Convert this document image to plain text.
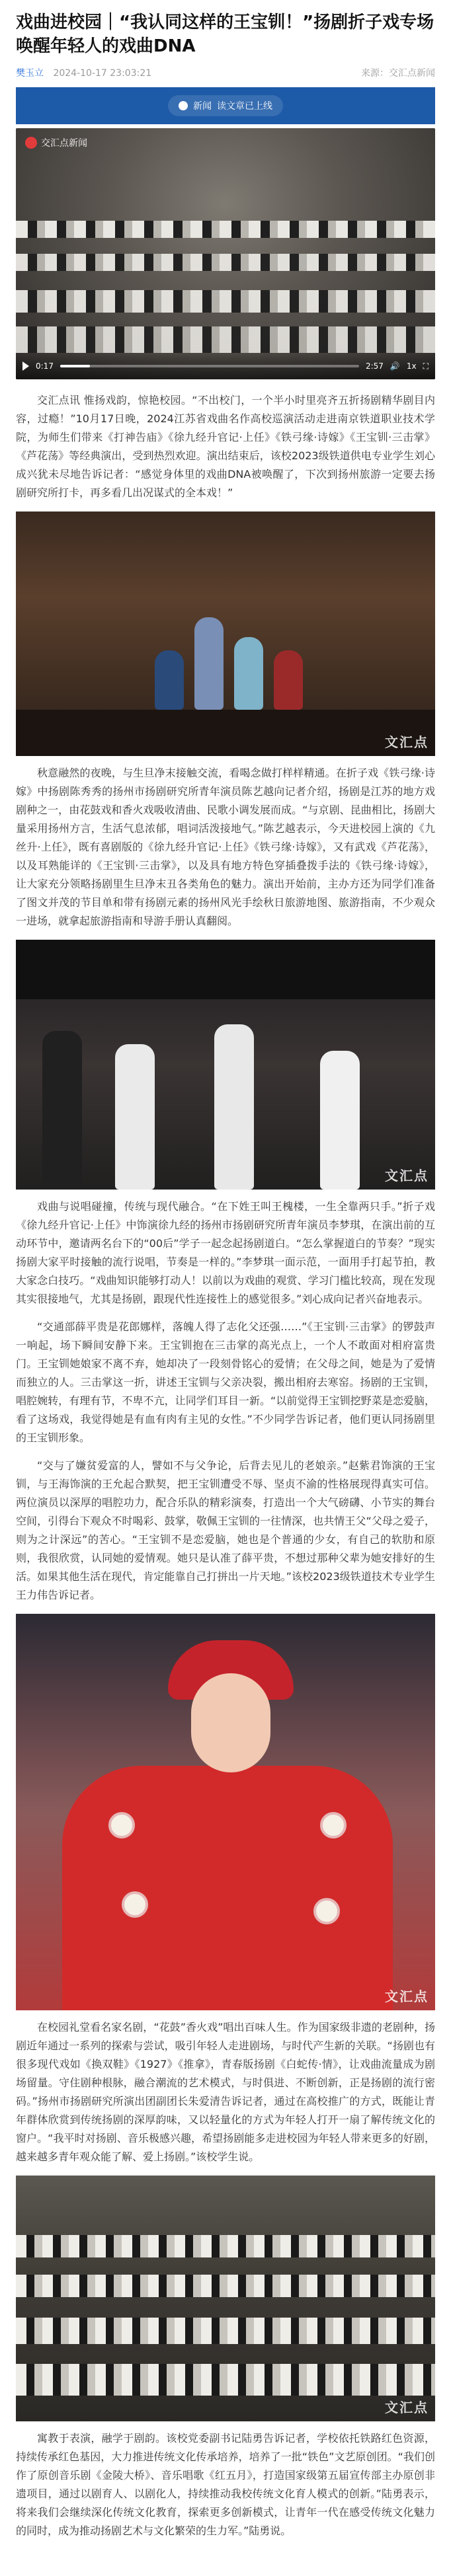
戏曲进校园｜“我认同这样的王宝钏！”扬剧折子戏专场唤醒年轻人的戏曲DNA
樊玉立 2024-10-17 23:03:21	来源：交汇点新闻
新闻 读文章已上线
交汇点新闻
0:17	2:57 🔊 1x ⛶

交汇点讯 惟扬戏韵，惊艳校园。“不出校门，一个半小时里亮齐五折扬剧精华剧目内容，过瘾！”10月17日晚，2024江苏省戏曲名作高校巡演活动走进南京铁道职业技术学院，为师生们带来《打神告庙》《徐九经升官记·上任》《铁弓缘·诗嫁》《王宝钏·三击掌》《芦花荡》等经典演出，受到热烈欢迎。演出结束后，该校2023级铁道供电专业学生刘心成兴犹未尽地告诉记者：“感觉身体里的戏曲DNA被唤醒了，下次到扬州旅游一定要去扬剧研究所打卡，再多看几出况谋式的全本戏！”

文汇点

秋意融然的夜晚，与生旦净末接触交流，看喝念做打样样精通。在折子戏《铁弓缘·诗嫁》中扬剧陈秀秀的扬州市扬剧研究所青年演员陈艺越向记者介绍，扬剧是江苏的地方戏剧种之一，由花鼓戏和香火戏吸收清曲、民歌小调发展而成。“与京剧、昆曲相比，扬剧大量采用扬州方言，生活气息浓郁，唱词活泼接地气。”陈艺越表示，今天进校园上演的《九丝升·上任》，既有喜剧版的《徐九经升官记·上任》《铁弓缘·诗嫁》，又有武戏《芦花荡》，以及耳熟能详的《王宝钏·三击掌》，以及具有地方特色穿插叠拨手法的《铁弓缘·诗嫁》，让大家充分领略扬剧里生旦净末丑各类角色的魅力。演出开始前，主办方还为同学们准备了图文并茂的节目单和带有扬剧元素的扬州风光手绘秋日旅游地图、旅游指南，不少观众一进场，就拿起旅游指南和导游手册认真翻阅。

文汇点

戏曲与说唱碰撞，传统与现代融合。“在下姓王叫王槐楼，一生全靠两只手。”折子戏《徐九经升官记·上任》中饰演徐九经的扬州市扬剧研究所青年演员李梦琪，在演出前的互动环节中，邀请两名台下的“00后”学子一起念起扬剧道白。“怎么掌握道白的节奏？”现实扬剧大家平时接触的流行说唱，节奏是一样的。”李梦琪一面示范，一面用手打起节拍，教大家念白技巧。“戏曲知识能够打动人！以前以为戏曲的观赏、学习门槛比较高，现在发现其实很接地气，尤其是扬剧，跟现代性连接性上的感觉很多。”刘心成向记者兴奋地表示。

“交通部薛平贵是花郎娜样，落魄人得了志化父还强……”《王宝钏·三击掌》的锣鼓声一响起，场下瞬间安静下来。王宝钏抱在三击掌的高光点上，一个人不敢面对相府富贵门。王宝钏她娘家不离不弃，她却决了一段刻骨铭心的爱情；在父母之间，她是为了爱情而独立的人。三击掌这一折，讲述王宝钏与父亲决裂，搬出相府去寒窑。扬剧的王宝钏，唱腔婉转，有理有节，不卑不亢，让同学们耳目一新。“以前觉得王宝钏挖野菜是恋爱脑，看了这场戏，我觉得她是有血有肉有主见的女性。”不少同学告诉记者，他们更认同扬剧里的王宝钏形象。

“交与了嫌贫爱富的人，譬如不与父争论，后背去见儿的老娘亲。”赵紫君饰演的王宝钏，与王海饰演的王允起合默契，把王宝钏遭受不辱、坚贞不渝的性格展现得真实可信。两位演员以深厚的唱腔功力，配合乐队的精彩演奏，打造出一个大气磅礴、小节实的舞台空间，引得台下观众不时喝彩、鼓掌，敬佩王宝钏的一往情深，也共情王父“父母之爱子，则为之计深远”的苦心。“王宝钏不是恋爱脑，她也是个普通的少女，有自己的软肋和原则，我很欣赏，认同她的爱情观。她只是认准了薛平贵，不想过那种父辈为她安排好的生活。如果其他生活在现代，肯定能靠自己打拼出一片天地。”该校2023级铁道技术专业学生王力伟告诉记者。

文汇点

在校园礼堂看名家名剧，“花鼓”香火戏”唱出百味人生。作为国家级非遗的老剧种，扬剧近年通过一系列的探索与尝试，吸引年轻人走进剧场，与时代产生新的关联。“扬剧也有很多现代戏如《换双鞋》《1927》《推拿》，青春版扬剧《白蛇传·情》，让戏曲流量成为剧场留量。守住剧种根脉，融合潮流的艺术模式，与时俱进、不断创新，正是扬剧的流行密码。”扬州市扬剧研究所演出团副团长朱爱清告诉记者，通过在高校推广的方式，既能让青年群体欣赏到传统扬剧的深厚韵味，又以轻量化的方式为年轻人打开一扇了解传统文化的窗户。“我平时对扬剧、音乐极感兴趣，希望扬剧能多走进校园为年轻人带来更多的好剧，越来越多青年观众能了解、爱上扬剧。”该校学生说。

文汇点

寓教于表演，融学于剧韵。该校党委副书记陆勇告诉记者，学校依托铁路红色资源，持续传承红色基因，大力推进传统文化传承培养，培养了一批“铁色”文艺原创团。“我们创作了原创音乐剧《金陵大桥》、音乐唱歌《红五月》，打造国家级第五届宣传部主办原创非遗项目，通过以剧育人、以剧化人，持续推动我校传统文化育人模式的创新。”陆勇表示，将来我们会继续深化传统文化教育，探索更多创新模式，让青年一代在感受传统文化魅力的同时，成为推动扬剧艺术与文化繁荣的生力军。”陆勇说。
